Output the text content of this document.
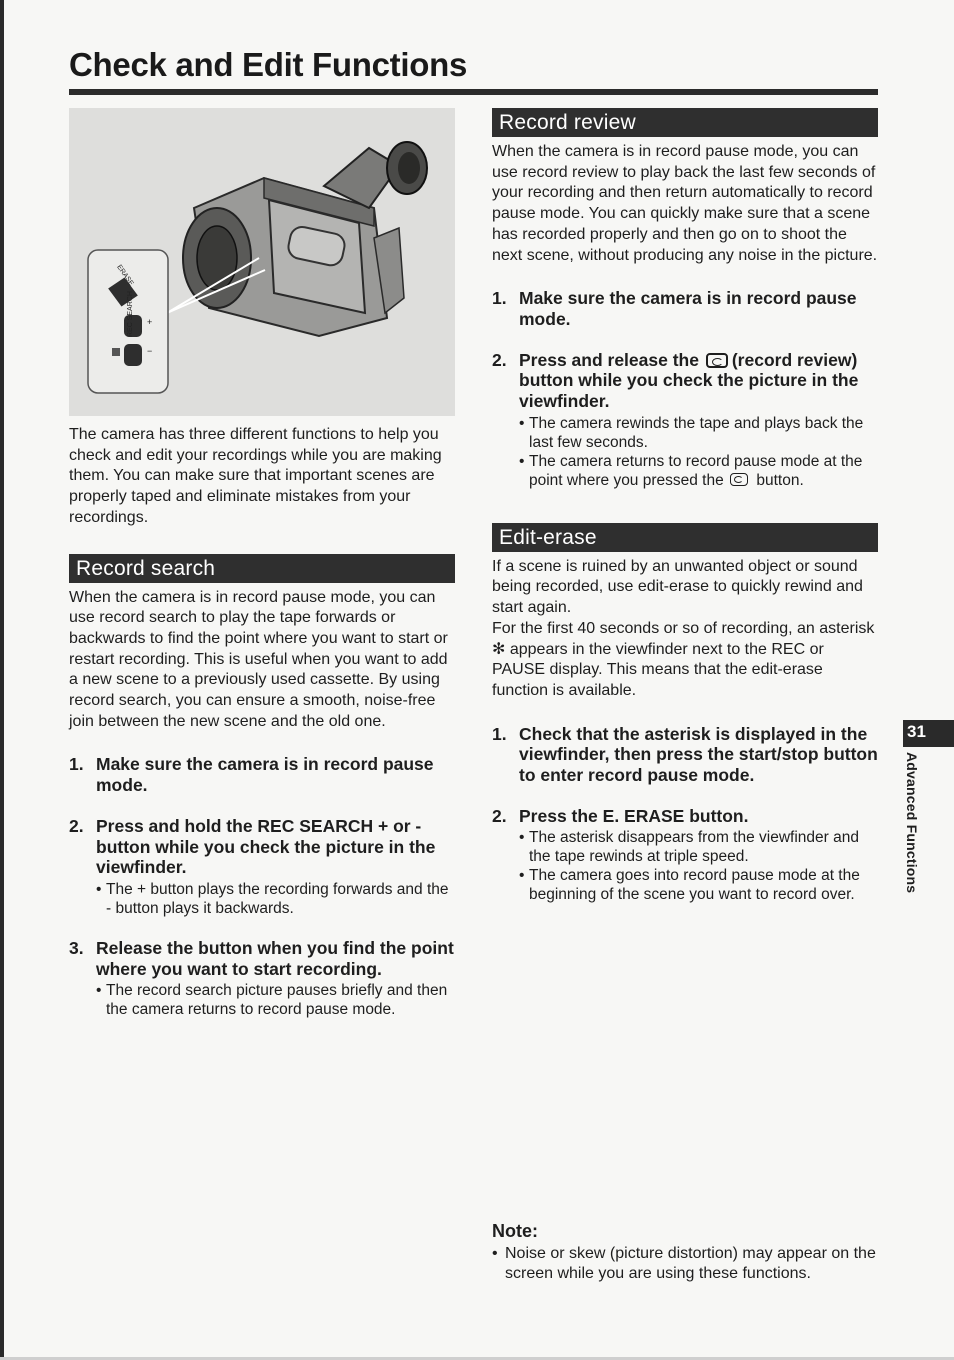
Check and Edit Functions
ERASE
REC SEARCH +
−

The camera has three different functions to help you check and edit your recordings while you are making them. You can make sure that important scenes are properly taped and eliminate mistakes from your recordings.

Record search

When the camera is in record pause mode, you can use record search to play the tape forwards or backwards to find the point where you want to start or restart recording. This is useful when you want to add a new scene to a previously used cassette. By using record search, you can ensure a smooth, noise-free join between the new scene and the old one.

1. Make sure the camera is in record pause mode.
2. Press and hold the REC SEARCH + or - button while you check the picture in the viewfinder.
• The + button plays the recording forwards and the - button plays it backwards.
3. Release the button when you find the point where you want to start recording.
• The record search picture pauses briefly and then the camera returns to record pause mode.
Record review

When the camera is in record pause mode, you can use record review to play back the last few seconds of your recording and then return automatically to record pause mode. You can quickly make sure that a scene has recorded properly and then go on to shoot the next scene, without producing any noise in the picture.

1. Make sure the camera is in record pause mode.
2. Press and release the (record review) button while you check the picture in the viewfinder.
• The camera rewinds the tape and plays back the last few seconds.
• The camera returns to record pause mode at the point where you pressed the button.
Edit-erase

If a scene is ruined by an unwanted object or sound being recorded, use edit-erase to quickly rewind and start again.

For the first 40 seconds or so of recording, an asterisk ✻ appears in the viewfinder next to the REC or PAUSE display. This means that the edit-erase function is available.

1. Check that the asterisk is displayed in the viewfinder, then press the start/stop button to enter record pause mode.
2. Press the E. ERASE button.
• The asterisk disappears from the viewfinder and the tape rewinds at triple speed.
• The camera goes into record pause mode at the beginning of the scene you want to record over.

Note:

• Noise or skew (picture distortion) may appear on the screen while you are using these functions.
31
Advanced Functions
